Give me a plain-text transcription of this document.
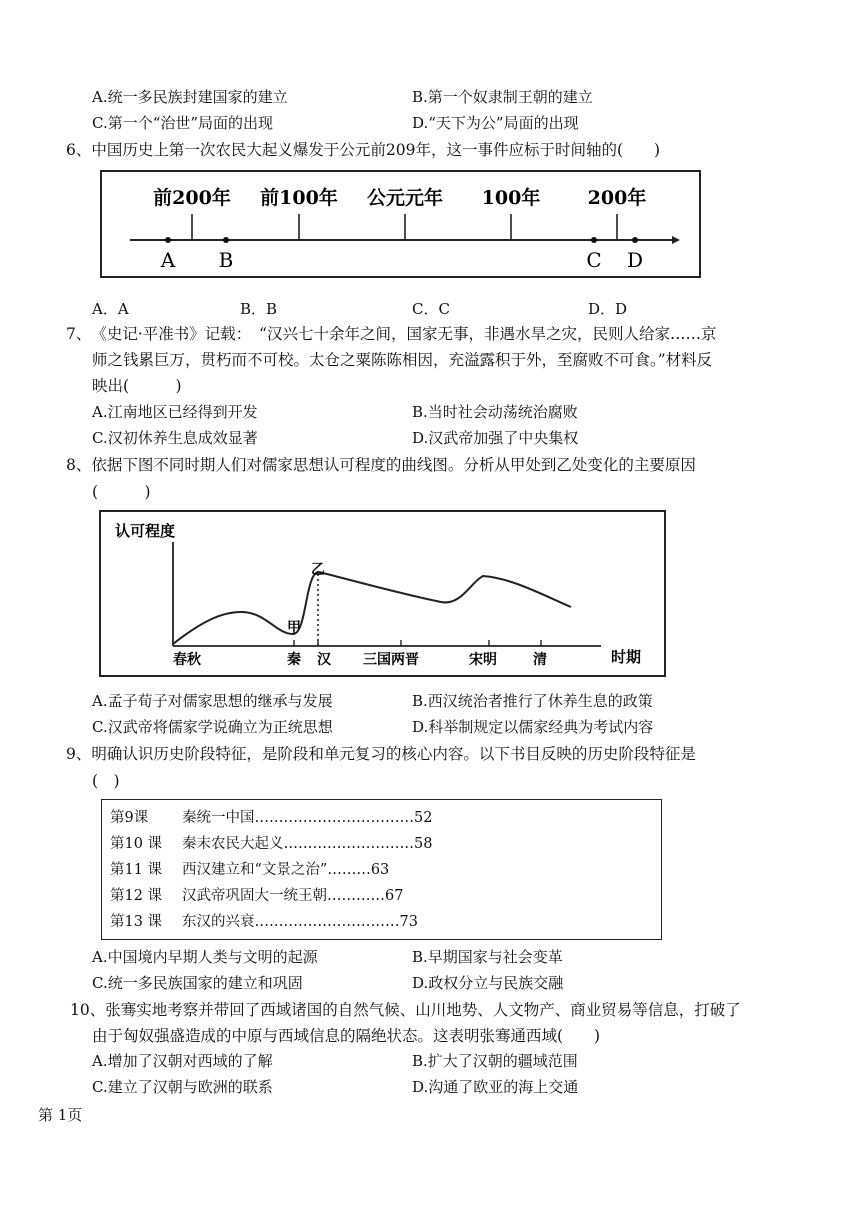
A.统一多民族封建国家的建立	B.第一个奴隶制王朝的建立
C.第一个“治世”局面的出现	D.“天下为公”局面的出现
6、中国历史上第一次农民大起义爆发于公元前209年，这一事件应标于时间轴的(　　)
前200年 前100年 公元元年 100年 200年
A B	C D
A．A	B．B	C．C	D．D
7、　《史记·平准书》记载：　“汉兴七十余年之间，国家无事，非遇水旱之灾，民则人给家……京
师之钱累巨万，贯朽而不可校。太仓之粟陈陈相因，充溢露积于外，至腐败不可食。”材料反
映出(　　　)
A.江南地区已经得到开发	B.当时社会动荡统治腐败
C.汉初休养生息成效显著	D.汉武帝加强了中央集权
8、依据下图不同时期人们对儒家思想认可程度的曲线图。分析从甲处到乙处变化的主要原因
(　　　)
认可程度
时期
乙
甲
春秋	秦 汉 三国两晋	宋明	清
A.孟子荀子对儒家思想的继承与发展	B.西汉统治者推行了休养生息的政策
C.汉武帝将儒家学说确立为正统思想	D.科举制规定以儒家经典为考试内容
9、明确认识历史阶段特征，是阶段和单元复习的核心内容。以下书目反映的历史阶段特征是
(　)
第9课 秦统一中国……………………………52
第10 课 秦末农民大起义………………………58
第11 课 西汉建立和“文景之治”………63
第12 课 汉武帝巩固大一统王朝…………67
第13 课 东汉的兴衰…………………………73
A.中国境内早期人类与文明的起源	B.早期国家与社会变革
C.统一多民族国家的建立和巩固	D.政权分立与民族交融
10、张骞实地考察并带回了西域诸国的自然气候、山川地势、人文物产、商业贸易等信息，打破了
由于匈奴强盛造成的中原与西域信息的隔绝状态。这表明张骞通西域(　　)
A.增加了汉朝对西域的了解	B.扩大了汉朝的疆域范围
C.建立了汉朝与欧洲的联系	D.沟通了欧亚的海上交通
第 1页
